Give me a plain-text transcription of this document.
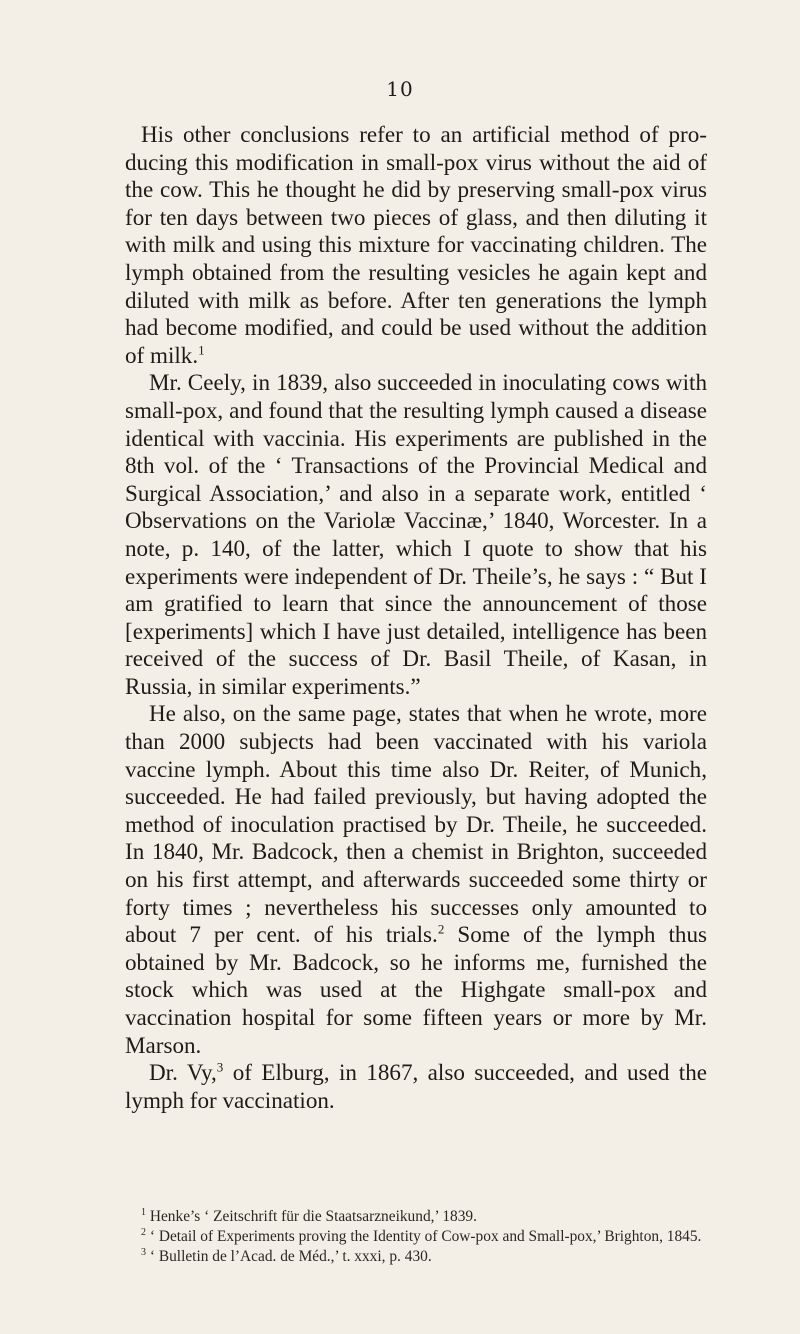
10

His other conclusions refer to an artificial method of producing this modification in small-pox virus without the aid of the cow. This he thought he did by preserving small-pox virus for ten days between two pieces of glass, and then diluting it with milk and using this mixture for vaccinating children. The lymph obtained from the resulting vesicles he again kept and diluted with milk as before. After ten generations the lymph had become modified, and could be used without the addition of milk.$^1$

Mr. Ceely, in 1839, also succeeded in inoculating cows with small-pox, and found that the resulting lymph caused a disease identical with vaccinia. His experiments are published in the 8th vol. of the ‘ Transactions of the Provincial Medical and Surgical Association,’ and also in a separate work, entitled ‘ Observations on the Variolæ Vaccinæ,’ 1840, Worcester. In a note, p. 140, of the latter, which I quote to show that his experiments were independent of Dr. Theile’s, he says : “ But I am gratified to learn that since the announcement of those [experiments] which I have just detailed, intelligence has been received of the success of Dr. Basil Theile, of Kasan, in Russia, in similar experiments.”

He also, on the same page, states that when he wrote, more than 2000 subjects had been vaccinated with his variola vaccine lymph. About this time also Dr. Reiter, of Munich, succeeded. He had failed previously, but having adopted the method of inoculation practised by Dr. Theile, he succeeded. In 1840, Mr. Badcock, then a chemist in Brighton, succeeded on his first attempt, and afterwards succeeded some thirty or forty times ; nevertheless his successes only amounted to about 7 per cent. of his trials.$^2$ Some of the lymph thus obtained by Mr. Badcock, so he informs me, furnished the stock which was used at the Highgate small-pox and vaccination hospital for some fifteen years or more by Mr. Marson.

Dr. Vy,$^3$ of Elburg, in 1867, also succeeded, and used the lymph for vaccination.

$^1$ Henke’s ‘ Zeitschrift für die Staatsarzneikund,’ 1839.

$^2$ ‘ Detail of Experiments proving the Identity of Cow-pox and Small-pox,’ Brighton, 1845.

$^3$ ‘ Bulletin de l’Acad. de Méd.,’ t. xxxi, p. 430.
